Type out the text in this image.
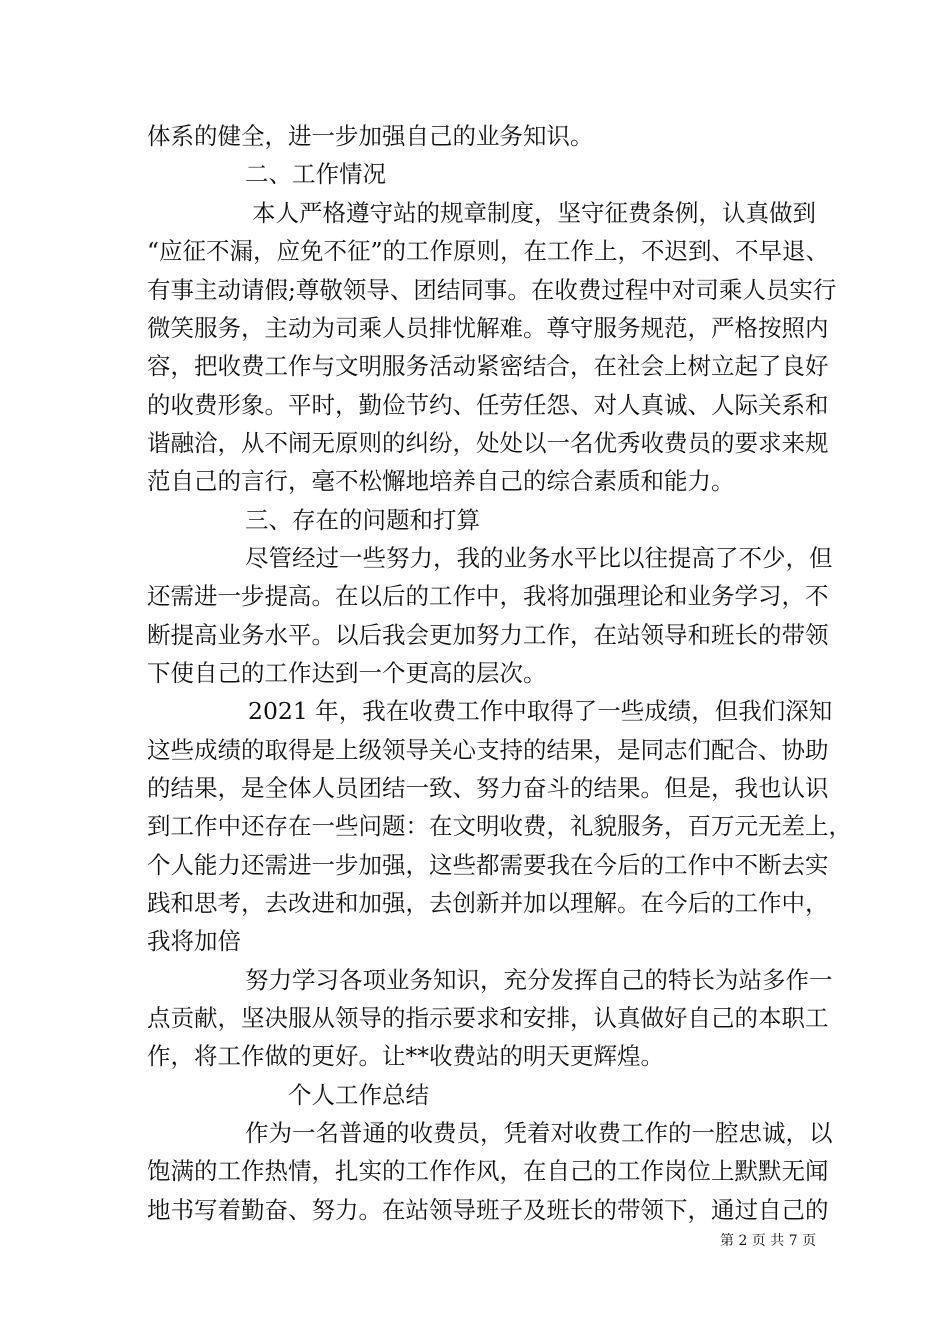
体系的健全，进一步加强自己的业务知识。
二、工作情况
本人严格遵守站的规章制度，坚守征费条例，认真做到
“应征不漏，应免不征”的工作原则，在工作上，不迟到、不早退、
有事主动请假;尊敬领导、团结同事。在收费过程中对司乘人员实行
微笑服务，主动为司乘人员排忧解难。尊守服务规范，严格按照内
容，把收费工作与文明服务活动紧密结合，在社会上树立起了良好
的收费形象。平时，勤俭节约、任劳任怨、对人真诚、人际关系和
谐融洽，从不闹无原则的纠纷，处处以一名优秀收费员的要求来规
范自己的言行，毫不松懈地培养自己的综合素质和能力。
三、存在的问题和打算
尽管经过一些努力，我的业务水平比以往提高了不少，但
还需进一步提高。在以后的工作中，我将加强理论和业务学习，不
断提高业务水平。以后我会更加努力工作，在站领导和班长的带领
下使自己的工作达到一个更高的层次。
2021 年，我在收费工作中取得了一些成绩，但我们深知
这些成绩的取得是上级领导关心支持的结果，是同志们配合、协助
的结果，是全体人员团结一致、努力奋斗的结果。但是，我也认识
到工作中还存在一些问题：在文明收费，礼貌服务，百万元无差上，
个人能力还需进一步加强，这些都需要我在今后的工作中不断去实
践和思考，去改进和加强，去创新并加以理解。在今后的工作中，
我将加倍
努力学习各项业务知识，充分发挥自己的特长为站多作一
点贡献，坚决服从领导的指示要求和安排，认真做好自己的本职工
作，将工作做的更好。让**收费站的明天更辉煌。
个人工作总结
作为一名普通的收费员，凭着对收费工作的一腔忠诚，以
饱满的工作热情，扎实的工作作风，在自己的工作岗位上默默无闻
地书写着勤奋、努力。在站领导班子及班长的带领下，通过自己的
第 2 页 共 7 页
